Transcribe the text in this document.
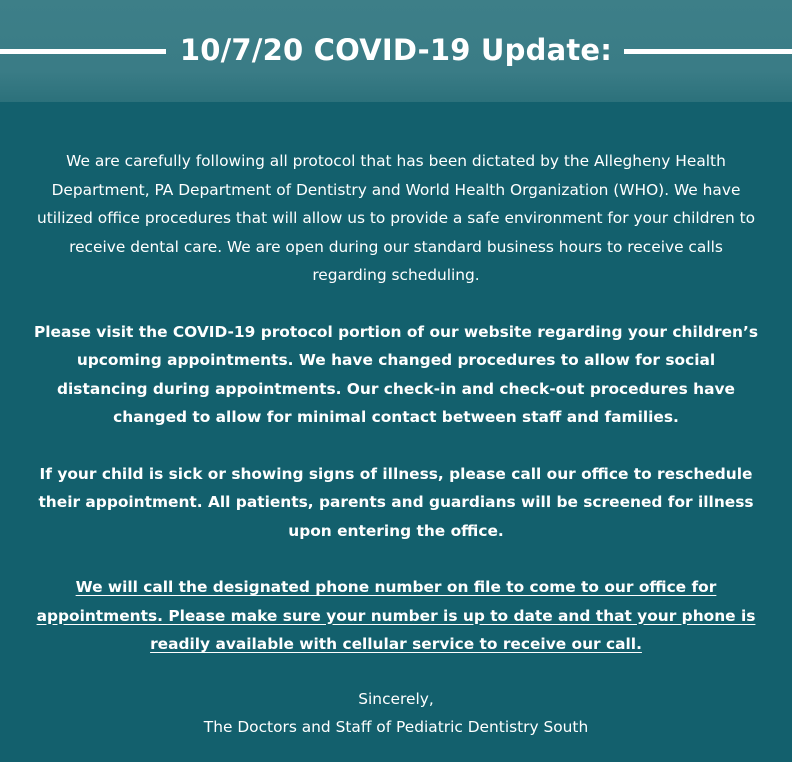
10/7/20 COVID-19 Update:

We are carefully following all protocol that has been dictated by the Allegheny Health Department, PA Department of Dentistry and World Health Organization (WHO). We have utilized office procedures that will allow us to provide a safe environment for your children to receive dental care. We are open during our standard business hours to receive calls regarding scheduling.

Please visit the COVID-19 protocol portion of our website regarding your children’s upcoming appointments. We have changed procedures to allow for social distancing during appointments. Our check-in and check-out procedures have changed to allow for minimal contact between staff and families.

If your child is sick or showing signs of illness, please call our office to reschedule their appointment. All patients, parents and guardians will be screened for illness upon entering the office.

We will call the designated phone number on file to come to our office for appointments. Please make sure your number is up to date and that your phone is readily available with cellular service to receive our call.

Sincerely,
The Doctors and Staff of Pediatric Dentistry South
